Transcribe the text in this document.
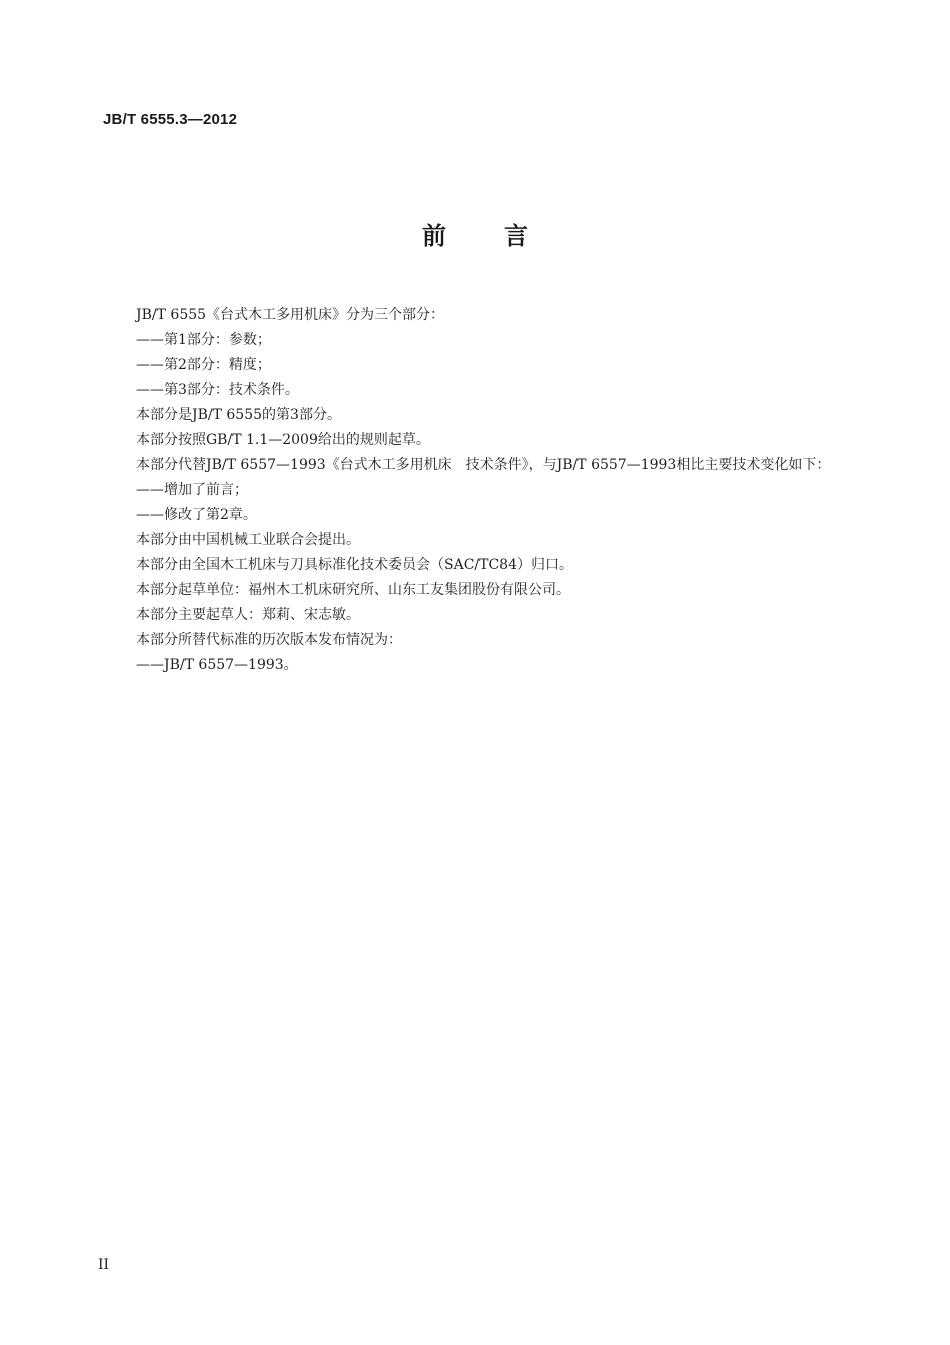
JB/T 6555.3—2012
前言
JB/T 6555《台式木工多用机床》分为三个部分：
——第1部分：参数；
——第2部分：精度；
——第3部分：技术条件。
本部分是JB/T 6555的第3部分。
本部分按照GB/T 1.1—2009给出的规则起草。
本部分代替JB/T 6557—1993《台式木工多用机床　技术条件》，与JB/T 6557—1993相比主要技术变化如下：
——增加了前言；
——修改了第2章。
本部分由中国机械工业联合会提出。
本部分由全国木工机床与刀具标准化技术委员会（SAC/TC84）归口。
本部分起草单位：福州木工机床研究所、山东工友集团股份有限公司。
本部分主要起草人：郑莉、宋志敏。
本部分所替代标准的历次版本发布情况为：
——JB/T 6557—1993。
II
